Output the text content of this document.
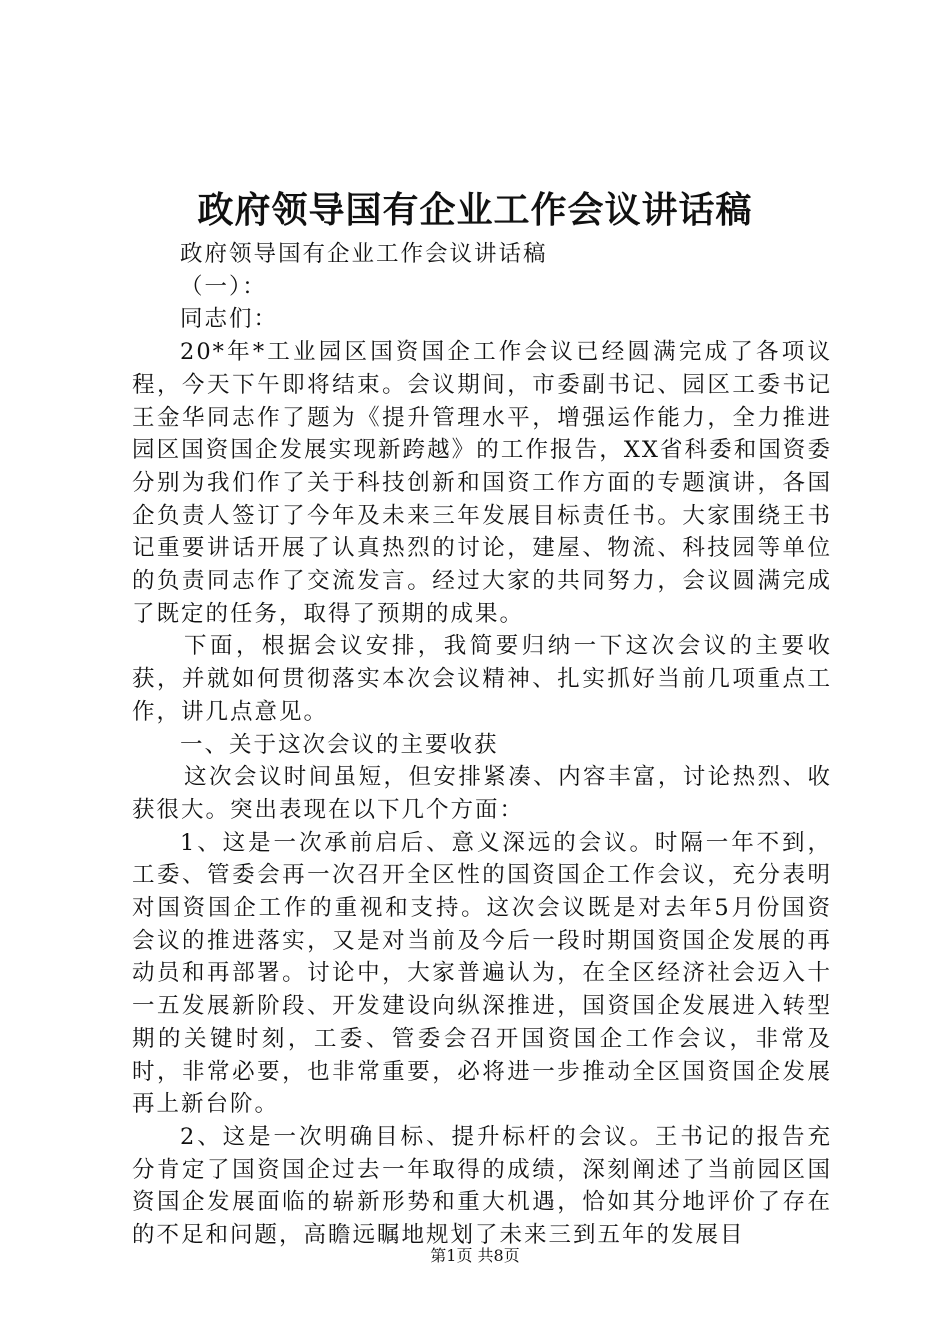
政府领导国有企业工作会议讲话稿

政府领导国有企业工作会议讲话稿

（一）：

同志们：

20*年*工业园区国资国企工作会议已经圆满完成了各项议程，今天下午即将结束。会议期间，市委副书记、园区工委书记王金华同志作了题为《提升管理水平，增强运作能力，全力推进园区国资国企发展实现新跨越》的工作报告，XX省科委和国资委分别为我们作了关于科技创新和国资工作方面的专题演讲，各国企负责人签订了今年及未来三年发展目标责任书。大家围绕王书记重要讲话开展了认真热烈的讨论，建屋、物流、科技园等单位的负责同志作了交流发言。经过大家的共同努力，会议圆满完成了既定的任务，取得了预期的成果。

下面，根据会议安排，我简要归纳一下这次会议的主要收获，并就如何贯彻落实本次会议精神、扎实抓好当前几项重点工作，讲几点意见。

一、关于这次会议的主要收获

这次会议时间虽短，但安排紧凑、内容丰富，讨论热烈、收获很大。突出表现在以下几个方面：

1、这是一次承前启后、意义深远的会议。时隔一年不到，工委、管委会再一次召开全区性的国资国企工作会议，充分表明对国资国企工作的重视和支持。这次会议既是对去年5月份国资会议的推进落实，又是对当前及今后一段时期国资国企发展的再动员和再部署。讨论中，大家普遍认为，在全区经济社会迈入十一五发展新阶段、开发建设向纵深推进，国资国企发展进入转型期的关键时刻，工委、管委会召开国资国企工作会议，非常及时，非常必要，也非常重要，必将进一步推动全区国资国企发展再上新台阶。

2、这是一次明确目标、提升标杆的会议。王书记的报告充分肯定了国资国企过去一年取得的成绩，深刻阐述了当前园区国资国企发展面临的崭新形势和重大机遇，恰如其分地评价了存在的不足和问题，高瞻远瞩地规划了未来三到五年的发展目

第1页 共8页
